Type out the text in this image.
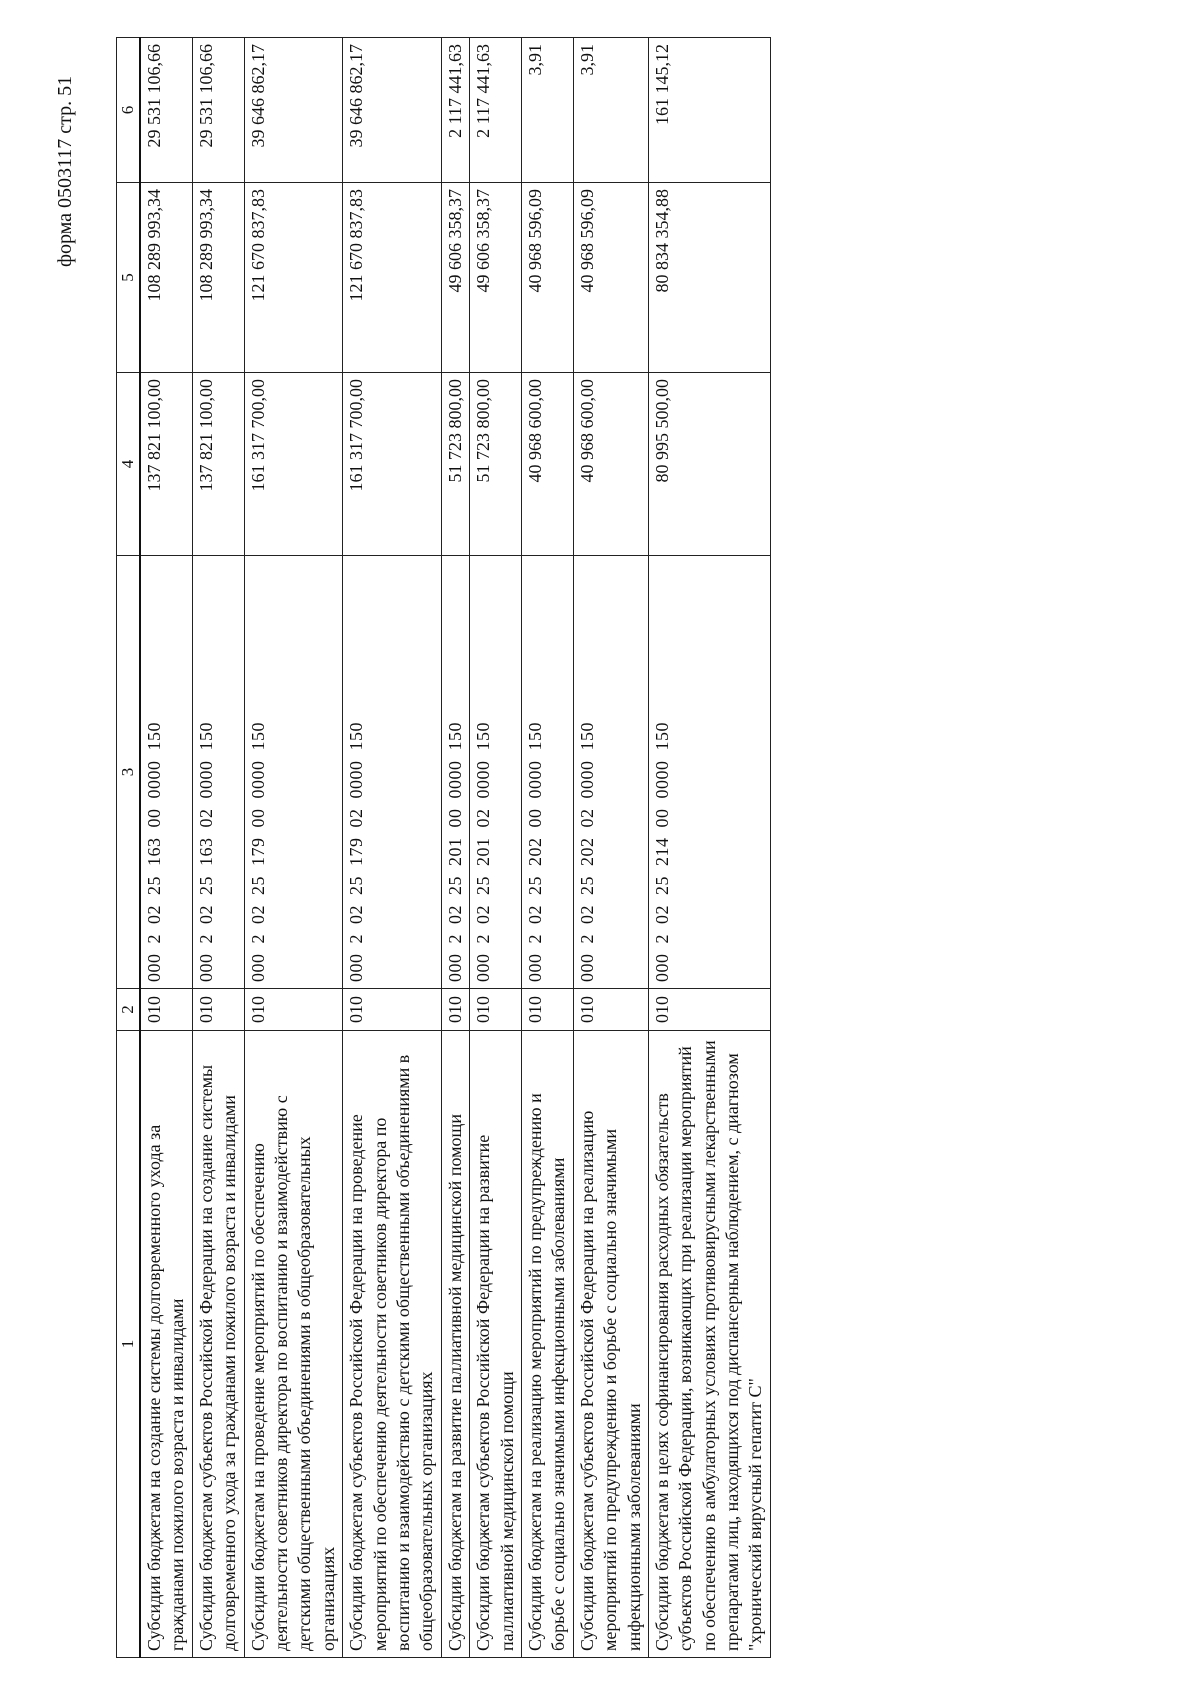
форма 0503117 стр. 51
1	2	3	4	5	6
Субсидии бюджетам на создание системы долговременного ухода за гражданами пожилого возраста и инвалидами	010	000  2  02  25  163  00  0000  150	137 821 100,00	108 289 993,34	29 531 106,66
Субсидии бюджетам субъектов Российской Федерации на создание системы долговременного ухода за гражданами пожилого возраста и инвалидами	010	000  2  02  25  163  02  0000  150	137 821 100,00	108 289 993,34	29 531 106,66
Субсидии бюджетам на проведение мероприятий по обеспечению деятельности советников директора по воспитанию и взаимодействию с детскими общественными объединениями в общеобразовательных организациях	010	000  2  02  25  179  00  0000  150	161 317 700,00	121 670 837,83	39 646 862,17
Субсидии бюджетам субъектов Российской Федерации на проведение мероприятий по обеспечению деятельности советников директора по воспитанию и взаимодействию с детскими общественными объединениями в общеобразовательных организациях	010	000  2  02  25  179  02  0000  150	161 317 700,00	121 670 837,83	39 646 862,17
Субсидии бюджетам на развитие паллиативной медицинской помощи	010	000  2  02  25  201  00  0000  150	51 723 800,00	49 606 358,37	2 117 441,63
Субсидии бюджетам субъектов Российской Федерации на развитие паллиативной медицинской помощи	010	000  2  02  25  201  02  0000  150	51 723 800,00	49 606 358,37	2 117 441,63
Субсидии бюджетам на реализацию мероприятий по предупреждению и борьбе с социально значимыми инфекционными заболеваниями	010	000  2  02  25  202  00  0000  150	40 968 600,00	40 968 596,09	3,91
Субсидии бюджетам субъектов Российской Федерации на реализацию мероприятий по предупреждению и борьбе с социально значимыми инфекционными заболеваниями	010	000  2  02  25  202  02  0000  150	40 968 600,00	40 968 596,09	3,91
Субсидии бюджетам в целях софинансирования расходных обязательств субъектов Российской Федерации, возникающих при реализации мероприятий по обеспечению в амбулаторных условиях противовирусными лекарственными препаратами лиц, находящихся под диспансерным наблюдением, с диагнозом "хронический вирусный гепатит С"	010	000  2  02  25  214  00  0000  150	80 995 500,00	80 834 354,88	161 145,12
